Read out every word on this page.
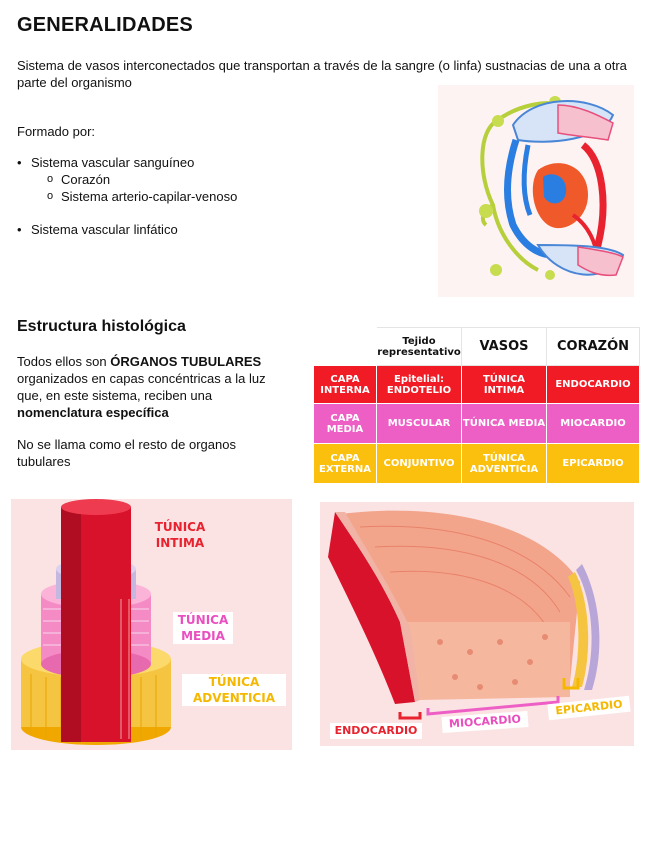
GENERALIDADES
Sistema de vasos interconectados que transportan a través de la sangre (o linfa) sustnacias de una a otra parte del organismo
Formado por:
• Sistema vascular sanguíneo
o Corazón
o Sistema arterio-capilar-venoso
• Sistema vascular linfático
Estructura histológica
Todos ellos son ÓRGANOS TUBULARES organizados en capas concéntricas a la luz que, en este sistema, reciben una nomenclatura específica
No se llama como el resto de organos tubulares
	Tejido representativo	VASOS	CORAZÓN
CAPA INTERNA	Epitelial: ENDOTELIO	TÚNICA INTIMA	ENDOCARDIO
CAPA MEDIA	MUSCULAR	TÚNICA MEDIA	MIOCARDIO
CAPA EXTERNA	CONJUNTIVO	TÚNICA ADVENTICIA	EPICARDIO
TÚNICA INTIMA
TÚNICA MEDIA
TÚNICA ADVENTICIA
ENDOCARDIO
MIOCARDIO
EPICARDIO
